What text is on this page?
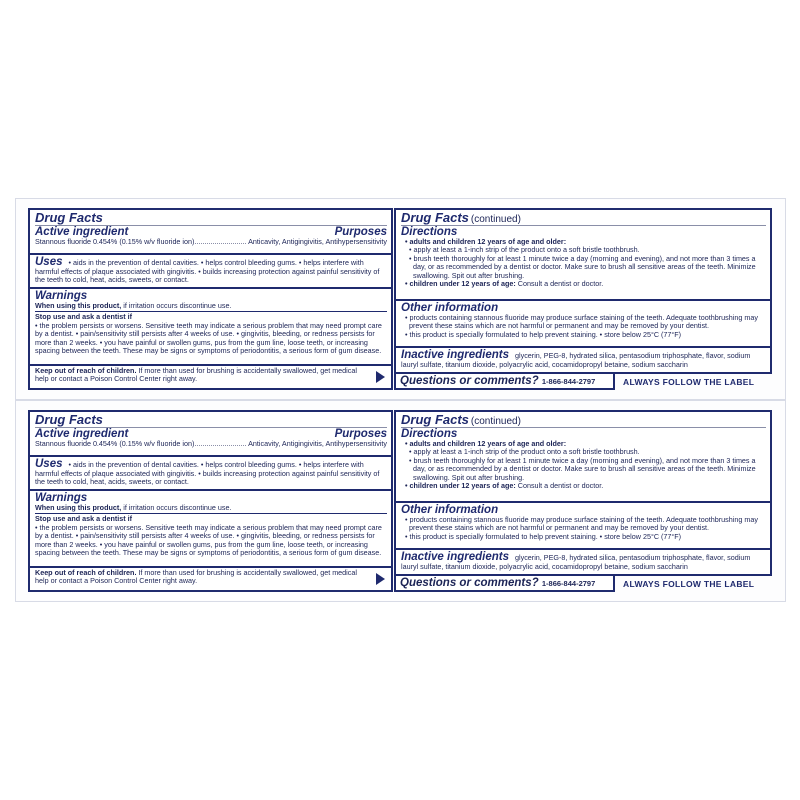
Drug Facts
Active ingredient	Purposes
Stannous fluoride 0.454% (0.15% w/v fluoride ion) .......................... Anticavity, Antigingivitis, Antihypersensitivity
Uses • aids in the prevention of dental cavities. • helps control bleeding gums. • helps interfere with harmful effects of plaque associated with gingivitis. • builds increasing protection against painful sensitivity of the teeth to cold, heat, acids, sweets, or contact.
Warnings
When using this product, if irritation occurs discontinue use.
Stop use and ask a dentist if
• the problem persists or worsens. Sensitive teeth may indicate a serious problem that may need prompt care by a dentist. • pain/sensitivity still persists after 4 weeks of use. • gingivitis, bleeding, or redness persists for more than 2 weeks. • you have painful or swollen gums, pus from the gum line, loose teeth, or increasing spacing between the teeth. These may be signs or symptoms of periodontitis, a serious form of gum disease.
Keep out of reach of children. If more than used for brushing is accidentally swallowed, get medical help or contact a Poison Control Center right away.
Drug Facts (continued)
Directions
• adults and children 12 years of age and older:
• apply at least a 1-inch strip of the product onto a soft bristle toothbrush.
• brush teeth thoroughly for at least 1 minute twice a day (morning and evening), and not more than 3 times a day, or as recommended by a dentist or doctor. Make sure to brush all sensitive areas of the teeth. Minimize swallowing. Spit out after brushing.
• children under 12 years of age: Consult a dentist or doctor.
Other information
• products containing stannous fluoride may produce surface staining of the teeth. Adequate toothbrushing may prevent these stains which are not harmful or permanent and may be removed by your dentist.
• this product is specially formulated to help prevent staining. • store below 25°C (77°F)
Inactive ingredients glycerin, PEG-8, hydrated silica, pentasodium triphosphate, flavor, sodium lauryl sulfate, titanium dioxide, polyacrylic acid, cocamidopropyl betaine, sodium saccharin
Questions or comments? 1-866-844-2797	ALWAYS FOLLOW THE LABEL
Drug Facts
Active ingredient	Purposes
Stannous fluoride 0.454% (0.15% w/v fluoride ion) .......................... Anticavity, Antigingivitis, Antihypersensitivity
Uses • aids in the prevention of dental cavities. • helps control bleeding gums. • helps interfere with harmful effects of plaque associated with gingivitis. • builds increasing protection against painful sensitivity of the teeth to cold, heat, acids, sweets, or contact.
Warnings
When using this product, if irritation occurs discontinue use.
Stop use and ask a dentist if
• the problem persists or worsens. Sensitive teeth may indicate a serious problem that may need prompt care by a dentist. • pain/sensitivity still persists after 4 weeks of use. • gingivitis, bleeding, or redness persists for more than 2 weeks. • you have painful or swollen gums, pus from the gum line, loose teeth, or increasing spacing between the teeth. These may be signs or symptoms of periodontitis, a serious form of gum disease.
Keep out of reach of children. If more than used for brushing is accidentally swallowed, get medical help or contact a Poison Control Center right away.
Drug Facts (continued)
Directions
• adults and children 12 years of age and older:
• apply at least a 1-inch strip of the product onto a soft bristle toothbrush.
• brush teeth thoroughly for at least 1 minute twice a day (morning and evening), and not more than 3 times a day, or as recommended by a dentist or doctor. Make sure to brush all sensitive areas of the teeth. Minimize swallowing. Spit out after brushing.
• children under 12 years of age: Consult a dentist or doctor.
Other information
• products containing stannous fluoride may produce surface staining of the teeth. Adequate toothbrushing may prevent these stains which are not harmful or permanent and may be removed by your dentist.
• this product is specially formulated to help prevent staining. • store below 25°C (77°F)
Inactive ingredients glycerin, PEG-8, hydrated silica, pentasodium triphosphate, flavor, sodium lauryl sulfate, titanium dioxide, polyacrylic acid, cocamidopropyl betaine, sodium saccharin
Questions or comments? 1-866-844-2797	ALWAYS FOLLOW THE LABEL
